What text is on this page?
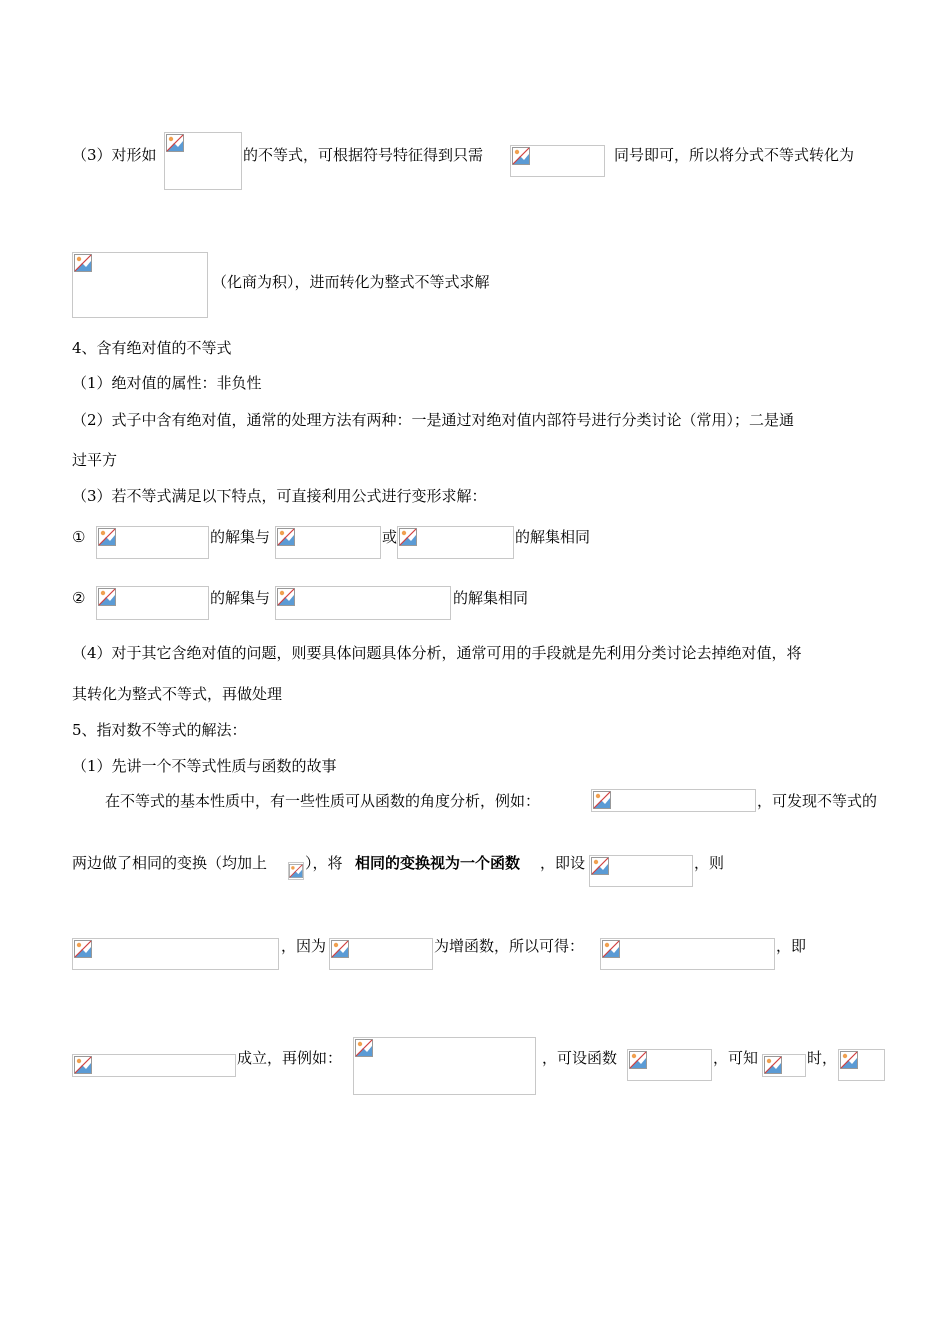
（3）对形如	的不等式，可根据符号特征得到只需	同号即可，所以将分式不等式转化为
（化商为积），进而转化为整式不等式求解
4、含有绝对值的不等式
（1）绝对值的属性：非负性
（2）式子中含有绝对值，通常的处理方法有两种：一是通过对绝对值内部符号进行分类讨论（常用）；二是通
过平方
（3）若不等式满足以下特点，可直接利用公式进行变形求解：
①	的解集与	或	的解集相同
②	的解集与	的解集相同
（4）对于其它含绝对值的问题，则要具体问题具体分析，通常可用的手段就是先利用分类讨论去掉绝对值，将
其转化为整式不等式，再做处理
5、指对数不等式的解法：
（1）先讲一个不等式性质与函数的故事
在不等式的基本性质中，有一些性质可从函数的角度分析，例如：	，可发现不等式的
两边做了相同的变换（均加上	），将 相同的变换视为一个函数 ，即设	，则
，因为	为增函数，所以可得：	，即
成立，再例如：	，可设函数	，可知	时，
